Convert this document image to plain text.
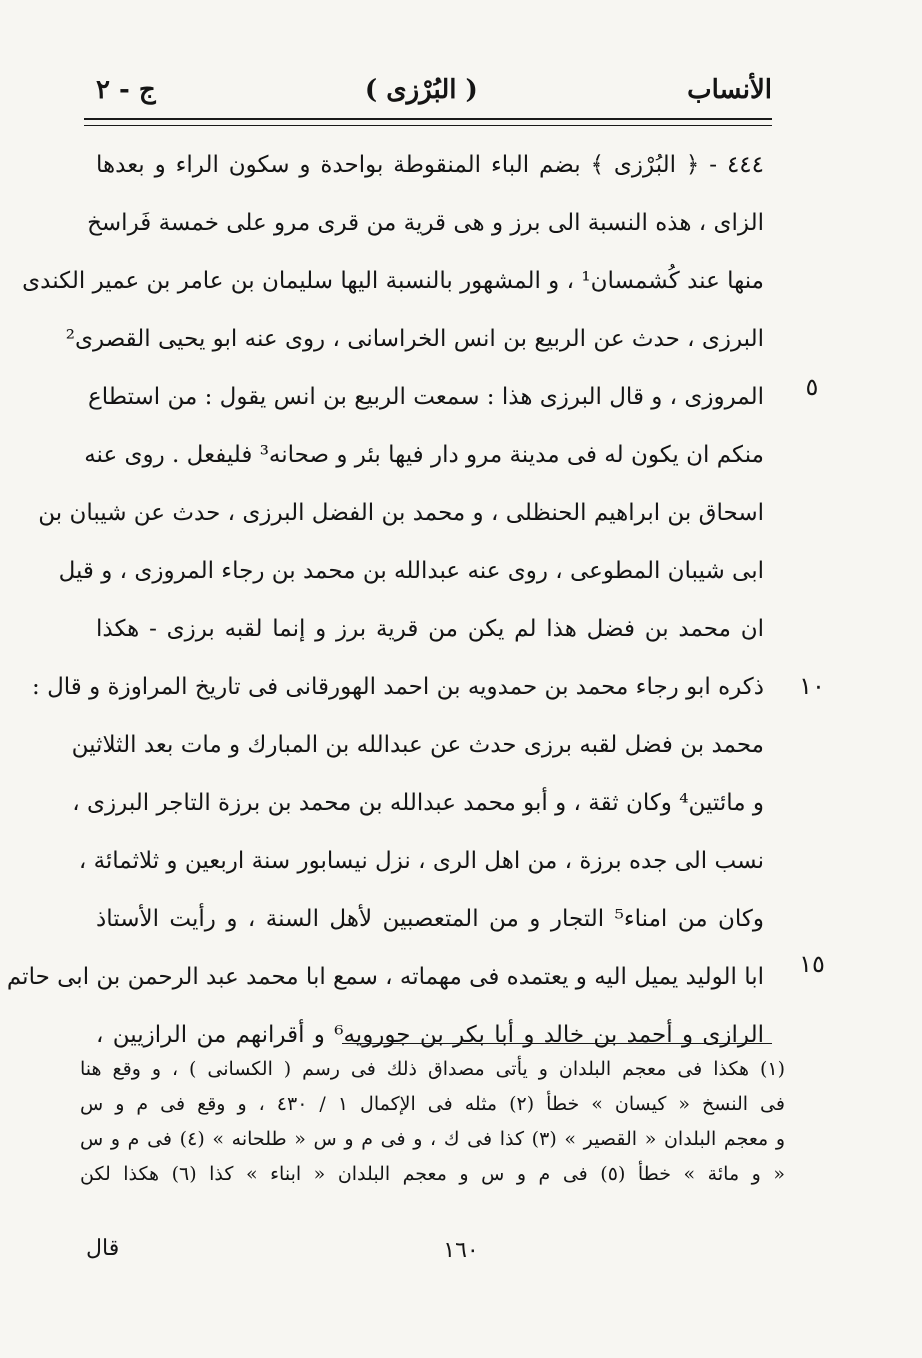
الأنساب
( البُرْزى )
ج - ٢
٤٤٤ - ﴿ البُرْزى ﴾ بضم الباء المنقوطة بواحدة و سكون الراء و بعدها
الزاى ، هذه النسبة الى برز و هى قرية من قرى مرو على خمسة فَراسخ
منها عند كُشمسان¹ ، و المشهور بالنسبة اليها سليمان بن عامر بن عمير الكندى
البرزى ، حدث عن الربيع بن انس الخراسانى ، روى عنه ابو يحيى القصرى²
المروزى ، و قال البرزى هذا : سمعت الربيع بن انس يقول : من استطاع
منكم ان يكون له فى مدينة مرو دار فيها بئر و صحانه³ فليفعل . روى عنه
اسحاق بن ابراهيم الحنظلى ، و محمد بن الفضل البرزى ، حدث عن شيبان بن
ابى شيبان المطوعى ، روى عنه عبدالله بن محمد بن رجاء المروزى ، و قيل
ان محمد بن فضل هذا لم يكن من قرية برز و إنما لقبه برزى - هكذا
ذكره ابو رجاء محمد بن حمدويه بن احمد الهورقانى فى تاريخ المراوزة و قال :
محمد بن فضل لقبه برزى حدث عن عبدالله بن المبارك و مات بعد الثلاثين
و مائتين⁴ وكان ثقة ، و أبو محمد عبدالله بن محمد بن برزة التاجر البرزى ،
نسب الى جده برزة ، من اهل الرى ، نزل نيسابور سنة اربعين و ثلاثمائة ،
وكان من امناء⁵ التجار و من المتعصبين لأهل السنة ، و رأيت الأستاذ
ابا الوليد يميل اليه و يعتمده فى مهماته ، سمع ابا محمد عبد الرحمن بن ابى حاتم
الرازى و أحمد بن خالد و أبا بكر بن جورويه⁶ و أقرانهم من الرازيين ،
٥
١٠
١٥
(١) هكذا فى معجم البلدان و يأتى مصداق ذلك فى رسم ( الكسانى ) ، و وقع هنا
فى النسخ « كيسان » خطأ (٢) مثله فى الإكمال ١ / ٤٣٠ ، و وقع فى م و س
و معجم البلدان « القصير » (٣) كذا فى ك ، و فى م و س « طلحانه » (٤) فى م و س
« و مائة » خطأ (٥) فى م و س و معجم البلدان « ابناء » كذا (٦) هكذا لكن
١٦٠
قال
